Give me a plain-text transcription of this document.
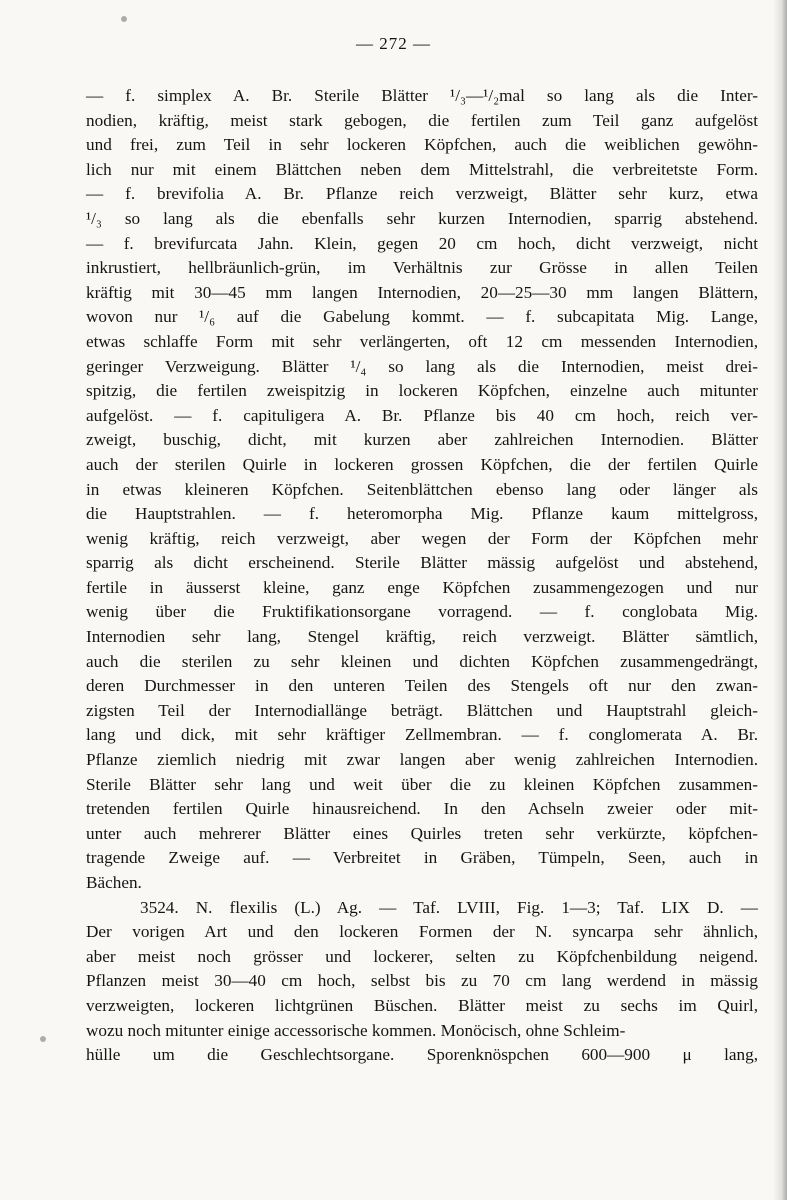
— 272 —
— f. simplex A. Br. Sterile Blätter ¹/₃—¹/₂mal so lang als die Inter-
nodien, kräftig, meist stark gebogen, die fertilen zum Teil ganz aufgelöst
und frei, zum Teil in sehr lockeren Köpfchen, auch die weiblichen gewöhn-
lich nur mit einem Blättchen neben dem Mittelstrahl, die verbreitetste Form.
— f. brevifolia A. Br. Pflanze reich verzweigt, Blätter sehr kurz, etwa
¹/₃ so lang als die ebenfalls sehr kurzen Internodien, sparrig abstehend.
— f. brevifurcata Jahn. Klein, gegen 20 cm hoch, dicht verzweigt, nicht
inkrustiert, hellbräunlich-grün, im Verhältnis zur Grösse in allen Teilen
kräftig mit 30—45 mm langen Internodien, 20—25—30 mm langen Blättern,
wovon nur ¹/₆ auf die Gabelung kommt. — f. subcapitata Mig. Lange,
etwas schlaffe Form mit sehr verlängerten, oft 12 cm messenden Internodien,
geringer Verzweigung. Blätter ¹/₄ so lang als die Internodien, meist drei-
spitzig, die fertilen zweispitzig in lockeren Köpfchen, einzelne auch mitunter
aufgelöst. — f. capituligera A. Br. Pflanze bis 40 cm hoch, reich ver-
zweigt, buschig, dicht, mit kurzen aber zahlreichen Internodien. Blätter
auch der sterilen Quirle in lockeren grossen Köpfchen, die der fertilen Quirle
in etwas kleineren Köpfchen. Seitenblättchen ebenso lang oder länger als
die Hauptstrahlen. — f. heteromorpha Mig. Pflanze kaum mittelgross,
wenig kräftig, reich verzweigt, aber wegen der Form der Köpfchen mehr
sparrig als dicht erscheinend. Sterile Blätter mässig aufgelöst und abstehend,
fertile in äusserst kleine, ganz enge Köpfchen zusammengezogen und nur
wenig über die Fruktifikationsorgane vorragend. — f. conglobata Mig.
Internodien sehr lang, Stengel kräftig, reich verzweigt. Blätter sämtlich,
auch die sterilen zu sehr kleinen und dichten Köpfchen zusammengedrängt,
deren Durchmesser in den unteren Teilen des Stengels oft nur den zwan-
zigsten Teil der Internodiallänge beträgt. Blättchen und Hauptstrahl gleich-
lang und dick, mit sehr kräftiger Zellmembran. — f. conglomerata A. Br.
Pflanze ziemlich niedrig mit zwar langen aber wenig zahlreichen Internodien.
Sterile Blätter sehr lang und weit über die zu kleinen Köpfchen zusammen-
tretenden fertilen Quirle hinausreichend. In den Achseln zweier oder mit-
unter auch mehrerer Blätter eines Quirles treten sehr verkürzte, köpfchen-
tragende Zweige auf. — Verbreitet in Gräben, Tümpeln, Seen, auch in
Bächen.
3524. N. flexilis (L.) Ag. — Taf. LVIII, Fig. 1—3; Taf. LIX D. —
Der vorigen Art und den lockeren Formen der N. syncarpa sehr ähnlich,
aber meist noch grösser und lockerer, selten zu Köpfchenbildung neigend.
Pflanzen meist 30—40 cm hoch, selbst bis zu 70 cm lang werdend in mässig
verzweigten, lockeren lichtgrünen Büschen. Blätter meist zu sechs im Quirl,
wozu noch mitunter einige accessorische kommen. Monöcisch, ohne Schleim-
hülle um die Geschlechtsorgane. Sporenknöspchen 600—900 μ lang,
